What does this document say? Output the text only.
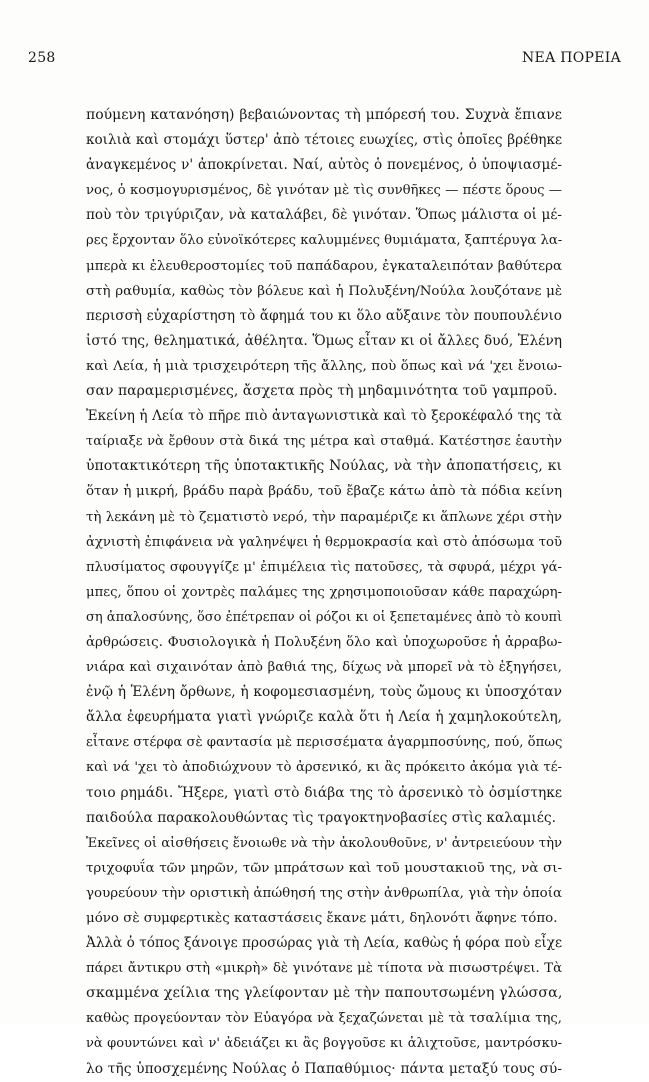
258	ΝΕΑ ΠΟΡΕΙΑ
πούμενη κατανόηση) βεβαιώνοντας τὴ μπόρεσή του. Συχνὰ ἔπιανε
κοιλιὰ καὶ στομάχι ὕστερ' ἀπὸ τέτοιες ευωχίες, στὶς ὁποῖες βρέθηκε
ἀναγκεμένος ν' ἀποκρίνεται. Ναί, αὐτὸς ὁ πονεμένος, ὁ ὑποψιασμέ-
νος, ὁ κοσμογυρισμένος, δὲ γινόταν μὲ τὶς συνθῆκες — πέστε ὅρους —
ποὺ τὸν τριγύριζαν, νὰ καταλάβει, δὲ γινόταν. Ὅπως μάλιστα οἱ μέ-
ρες ἔρχονταν ὅλο εὐνοϊκότερες καλυμμένες θυμιάματα, ξαπτέρυγα λα-
μπερὰ κι ἐλευθεροστομίες τοῦ παπάδαρου, ἐγκαταλειπόταν βαθύτερα
στὴ ραθυμία, καθὼς τὸν βόλευε καὶ ἡ Πολυξένη/Νούλα λουζότανε μὲ
περισσὴ εὐχαρίστηση τὸ ἄφημά του κι ὅλο αὔξαινε τὸν πουπουλένιο
ἱστό της, θεληματικά, ἀθέλητα. Ὅμως εἶταν κι οἱ ἄλλες δυό, Ἑλένη
καὶ Λεία, ἡ μιὰ τρισχειρότερη τῆς ἄλλης, ποὺ ὅπως καὶ νά 'χει ἔνοιω-
σαν παραμερισμένες, ἄσχετα πρὸς τὴ μηδαμινότητα τοῦ γαμπροῦ.
Ἐκείνη ἡ Λεία τὸ πῆρε πιὸ ἀνταγωνιστικὰ καὶ τὸ ξεροκέφαλό της τὰ
ταίριαξε νὰ ἔρθουν στὰ δικά της μέτρα καὶ σταθμά. Κατέστησε ἑαυτὴν
ὑποτακτικότερη τῆς ὑποτακτικῆς Νούλας, νὰ τὴν ἀποπατήσεις, κι
ὅταν ἡ μικρή, βράδυ παρὰ βράδυ, τοῦ ἔβαζε κάτω ἀπὸ τὰ πόδια κείνη
τὴ λεκάνη μὲ τὸ ζεματιστὸ νερό, τὴν παραμέριζε κι ἅπλωνε χέρι στὴν
ἀχνιστὴ ἐπιφάνεια νὰ γαληνέψει ἡ θερμοκρασία καὶ στὸ ἀπόσωμα τοῦ
πλυσίματος σφουγγίζε μ' ἐπιμέλεια τὶς πατοῦσες, τὰ σφυρά, μέχρι γά-
μπες, ὅπου οἱ χοντρὲς παλάμες της χρησιμοποιοῦσαν κάθε παραχώρη-
ση ἀπαλοσύνης, ὅσο ἐπέτρεπαν οἱ ρόζοι κι οἱ ξεπεταμένες ἀπὸ τὸ κουπὶ
ἀρθρώσεις. Φυσιολογικὰ ἡ Πολυξένη ὅλο καὶ ὑποχωροῦσε ἡ ἀρραβω-
νιάρα καὶ σιχαινόταν ἀπὸ βαθιά της, δίχως νὰ μπορεῖ νὰ τὸ ἐξηγήσει,
ἐνῷ ἡ Ἑλένη ὄρθωνε, ἡ κοφομεσιασμένη, τοὺς ὤμους κι ὑποσχόταν
ἄλλα ἐφευρήματα γιατὶ γνώριζε καλὰ ὅτι ἡ Λεία ἡ χαμηλοκούτελη,
εἶτανε στέρφα σὲ φαντασία μὲ περισσέματα ἀγαρμποσύνης, πού, ὅπως
καὶ νά 'χει τὸ ἀποδιώχνουν τὸ ἀρσενικό, κι ἂς πρόκειτο ἀκόμα γιὰ τέ-
τοιο ρημάδι. Ἤξερε, γιατὶ στὸ διάβα της τὸ ἀρσενικὸ τὸ ὀσμίστηκε
παιδούλα παρακολουθώντας τὶς τραγοκτηνοβασίες στὶς καλαμιές.
Ἐκεῖνες οἱ αἰσθήσεις ἔνοιωθε νὰ τὴν ἀκολουθοῦνε, ν' ἀντρειεύουν τὴν
τριχοφυΐα τῶν μηρῶν, τῶν μπράτσων καὶ τοῦ μουστακιοῦ της, νὰ σι-
γουρεύουν τὴν οριστικὴ ἀπώθησή της στὴν ἀνθρωπίλα, γιὰ τὴν ὁποία
μόνο σὲ συμφερτικὲς καταστάσεις ἔκανε μάτι, δηλονότι ἄφηνε τόπο.
Ἀλλὰ ὁ τόπος ξάνοιγε προσώρας γιὰ τὴ Λεία, καθὼς ἡ φόρα ποὺ εἶχε
πάρει ἄντικρυ στὴ «μικρὴ» δὲ γινότανε μὲ τίποτα νὰ πισωστρέψει. Τὰ
σκαμμένα χείλια της γλείφονταν μὲ τὴν παπουτσωμένη γλώσσα,
καθὼς προγεύονταν τὸν Εὐαγόρα νὰ ξεχαζώνεται μὲ τὰ τσαλίμια της,
νὰ φουντώνει καὶ ν' ἀδειάζει κι ἂς βογγοῦσε κι ἀλιχτοῦσε, μαντρόσκυ-
λο τῆς ὑποσχεμένης Νούλας ὁ Παπαθύμιος· πάντα μεταξύ τους σύ-
